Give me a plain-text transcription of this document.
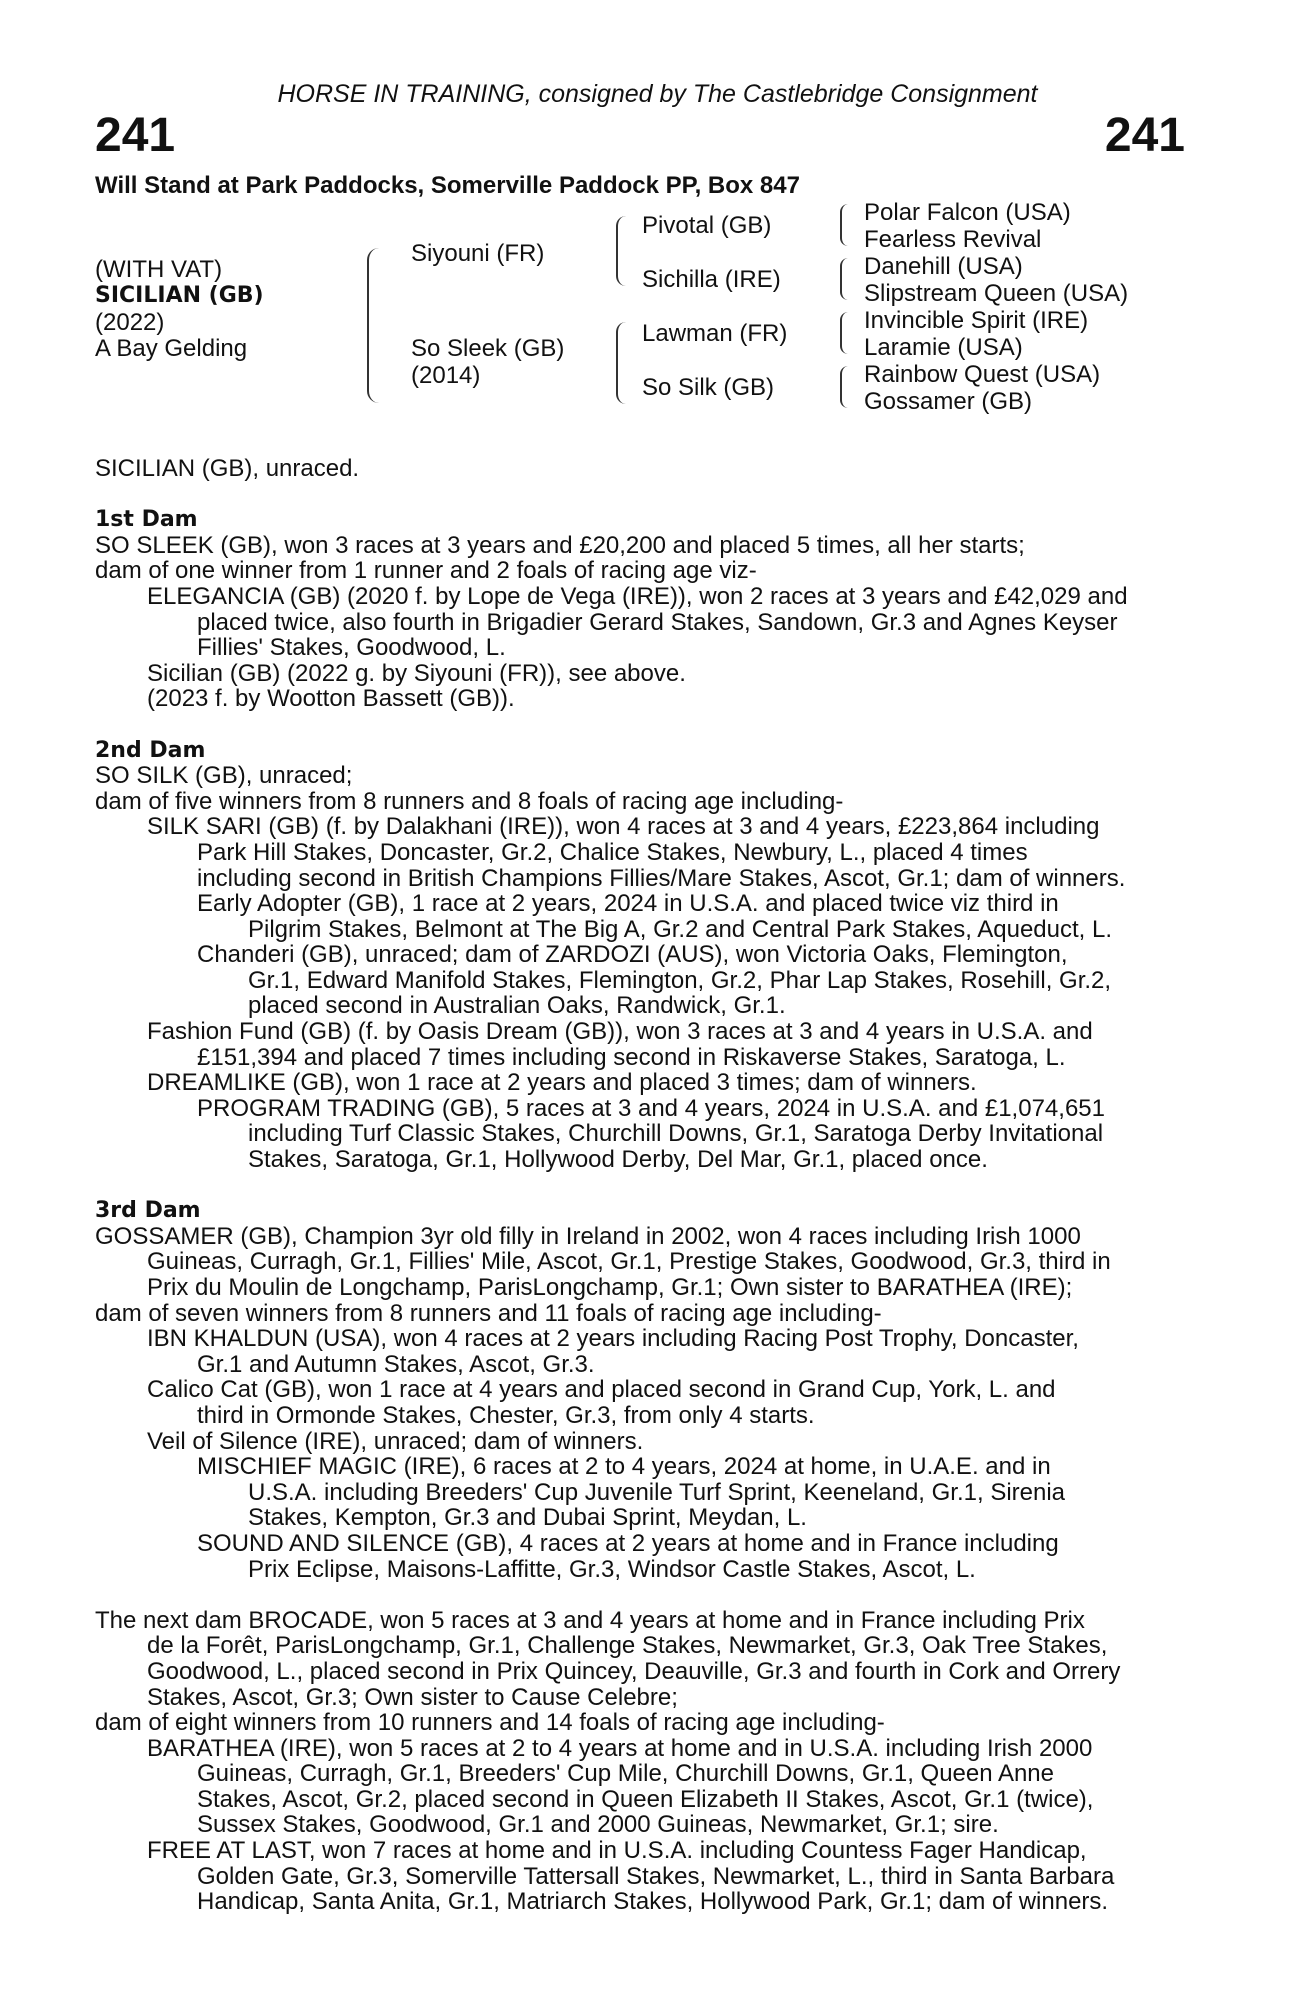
HORSE IN TRAINING, consigned by The Castlebridge Consignment
241	241
Will Stand at Park Paddocks, Somerville Paddock PP, Box 847
(WITH VAT)
SICILIAN (GB)
(2022)
A Bay Gelding
Siyouni (FR)
So Sleek (GB)
(2014)
Pivotal (GB)
Sichilla (IRE)
Lawman (FR)
So Silk (GB)
Polar Falcon (USA)
Fearless Revival
Danehill (USA)
Slipstream Queen (USA)
Invincible Spirit (IRE)
Laramie (USA)
Rainbow Quest (USA)
Gossamer (GB)
SICILIAN (GB), unraced.
1st Dam
SO SLEEK (GB), won 3 races at 3 years and £20,200 and placed 5 times, all her starts;
dam of one winner from 1 runner and 2 foals of racing age viz-
ELEGANCIA (GB) (2020 f. by Lope de Vega (IRE)), won 2 races at 3 years and £42,029 and
placed twice, also fourth in Brigadier Gerard Stakes, Sandown, Gr.3 and Agnes Keyser
Fillies' Stakes, Goodwood, L.
Sicilian (GB) (2022 g. by Siyouni (FR)), see above.
(2023 f. by Wootton Bassett (GB)).
2nd Dam
SO SILK (GB), unraced;
dam of five winners from 8 runners and 8 foals of racing age including-
SILK SARI (GB) (f. by Dalakhani (IRE)), won 4 races at 3 and 4 years, £223,864 including
Park Hill Stakes, Doncaster, Gr.2, Chalice Stakes, Newbury, L., placed 4 times
including second in British Champions Fillies/Mare Stakes, Ascot, Gr.1; dam of winners.
Early Adopter (GB), 1 race at 2 years, 2024 in U.S.A. and placed twice viz third in
Pilgrim Stakes, Belmont at The Big A, Gr.2 and Central Park Stakes, Aqueduct, L.
Chanderi (GB), unraced; dam of ZARDOZI (AUS), won Victoria Oaks, Flemington,
Gr.1, Edward Manifold Stakes, Flemington, Gr.2, Phar Lap Stakes, Rosehill, Gr.2,
placed second in Australian Oaks, Randwick, Gr.1.
Fashion Fund (GB) (f. by Oasis Dream (GB)), won 3 races at 3 and 4 years in U.S.A. and
£151,394 and placed 7 times including second in Riskaverse Stakes, Saratoga, L.
DREAMLIKE (GB), won 1 race at 2 years and placed 3 times; dam of winners.
PROGRAM TRADING (GB), 5 races at 3 and 4 years, 2024 in U.S.A. and £1,074,651
including Turf Classic Stakes, Churchill Downs, Gr.1, Saratoga Derby Invitational
Stakes, Saratoga, Gr.1, Hollywood Derby, Del Mar, Gr.1, placed once.
3rd Dam
GOSSAMER (GB), Champion 3yr old filly in Ireland in 2002, won 4 races including Irish 1000
Guineas, Curragh, Gr.1, Fillies' Mile, Ascot, Gr.1, Prestige Stakes, Goodwood, Gr.3, third in
Prix du Moulin de Longchamp, ParisLongchamp, Gr.1; Own sister to BARATHEA (IRE);
dam of seven winners from 8 runners and 11 foals of racing age including-
IBN KHALDUN (USA), won 4 races at 2 years including Racing Post Trophy, Doncaster,
Gr.1 and Autumn Stakes, Ascot, Gr.3.
Calico Cat (GB), won 1 race at 4 years and placed second in Grand Cup, York, L. and
third in Ormonde Stakes, Chester, Gr.3, from only 4 starts.
Veil of Silence (IRE), unraced; dam of winners.
MISCHIEF MAGIC (IRE), 6 races at 2 to 4 years, 2024 at home, in U.A.E. and in
U.S.A. including Breeders' Cup Juvenile Turf Sprint, Keeneland, Gr.1, Sirenia
Stakes, Kempton, Gr.3 and Dubai Sprint, Meydan, L.
SOUND AND SILENCE (GB), 4 races at 2 years at home and in France including
Prix Eclipse, Maisons-Laffitte, Gr.3, Windsor Castle Stakes, Ascot, L.
The next dam BROCADE, won 5 races at 3 and 4 years at home and in France including Prix
de la Forêt, ParisLongchamp, Gr.1, Challenge Stakes, Newmarket, Gr.3, Oak Tree Stakes,
Goodwood, L., placed second in Prix Quincey, Deauville, Gr.3 and fourth in Cork and Orrery
Stakes, Ascot, Gr.3; Own sister to Cause Celebre;
dam of eight winners from 10 runners and 14 foals of racing age including-
BARATHEA (IRE), won 5 races at 2 to 4 years at home and in U.S.A. including Irish 2000
Guineas, Curragh, Gr.1, Breeders' Cup Mile, Churchill Downs, Gr.1, Queen Anne
Stakes, Ascot, Gr.2, placed second in Queen Elizabeth II Stakes, Ascot, Gr.1 (twice),
Sussex Stakes, Goodwood, Gr.1 and 2000 Guineas, Newmarket, Gr.1; sire.
FREE AT LAST, won 7 races at home and in U.S.A. including Countess Fager Handicap,
Golden Gate, Gr.3, Somerville Tattersall Stakes, Newmarket, L., third in Santa Barbara
Handicap, Santa Anita, Gr.1, Matriarch Stakes, Hollywood Park, Gr.1; dam of winners.
